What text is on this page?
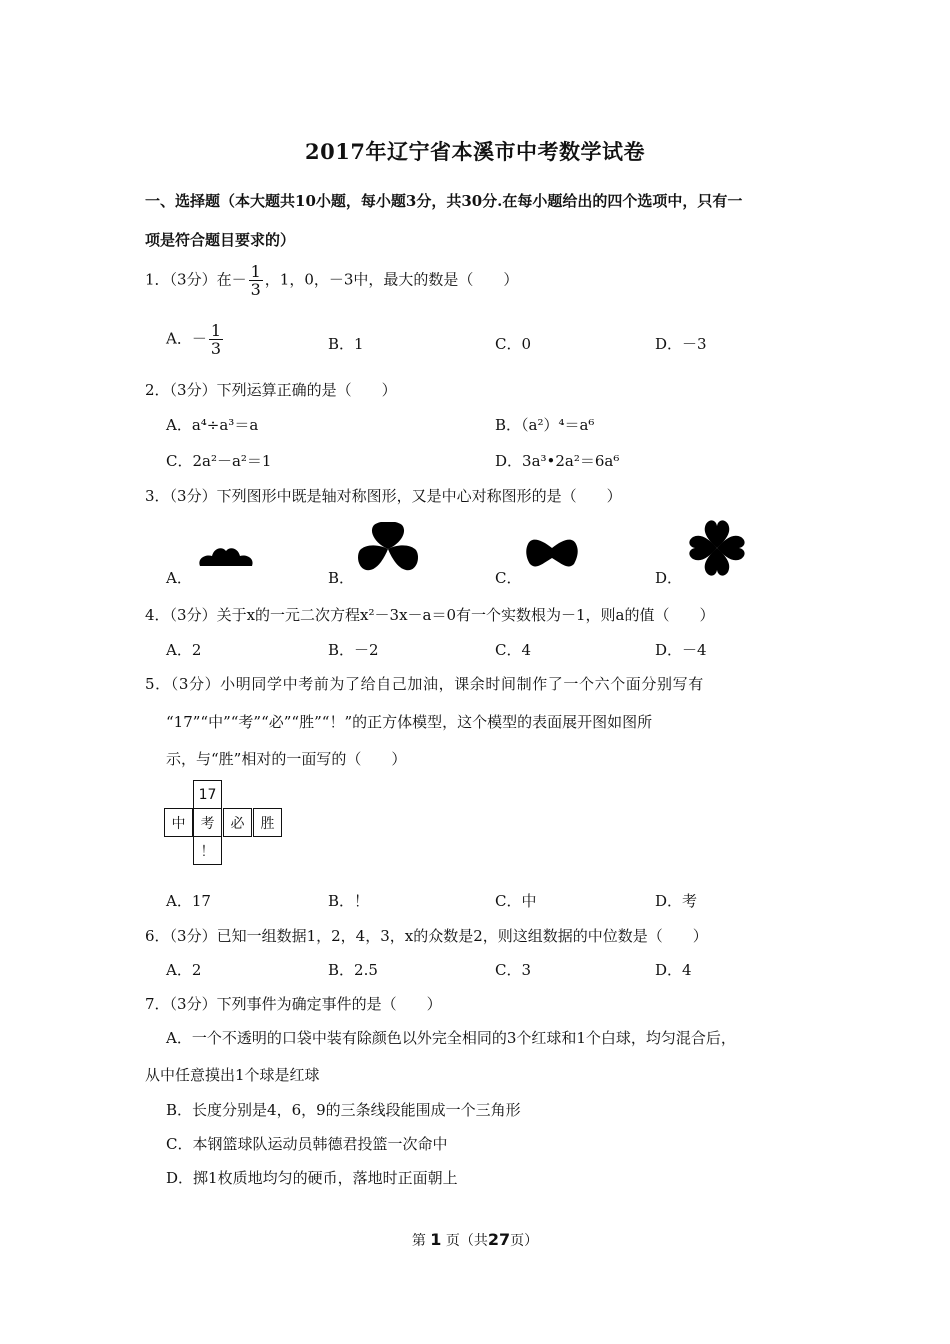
2017年辽宁省本溪市中考数学试卷
一、选择题（本大题共10小题，每小题3分，共30分.在每小题给出的四个选项中，只有一
项是符合题目要求的）
1．（3分）在－ $\frac{1}{3}$ ，1，0，－3中，最大的数是（　　）
A．－ $\frac{1}{3}$	B．1	C．0	D．－3
2．（3分）下列运算正确的是（　　）
A．a⁴÷a³＝a	B．（a²）⁴＝a⁶
C．2a²－a²＝1	D．3a³•2a²＝6a⁶
3．（3分）下列图形中既是轴对称图形，又是中心对称图形的是（　　）
A．	B．	C．	D．
4．（3分）关于x的一元二次方程x²－3x－a＝0有一个实数根为－1，则a的值（　　）
A．2	B．－2	C．4	D．－4
5．（3分）小明同学中考前为了给自己加油，课余时间制作了一个六个面分别写有
“17”“中”“考”“必”“胜”“！”的正方体模型，这个模型的表面展开图如图所
示，与“胜”相对的一面写的（　　）
17
中	考	必	胜
！
A．17	B．！	C．中	D．考
6．（3分）已知一组数据1，2，4，3，x的众数是2，则这组数据的中位数是（　　）
A．2	B．2.5	C．3	D．4
7．（3分）下列事件为确定事件的是（　　）
A．一个不透明的口袋中装有除颜色以外完全相同的3个红球和1个白球，均匀混合后，
从中任意摸出1个球是红球
B．长度分别是4，6，9的三条线段能围成一个三角形
C．本钢篮球队运动员韩德君投篮一次命中
D．掷1枚质地均匀的硬币，落地时正面朝上
第 1 页（共27页）
